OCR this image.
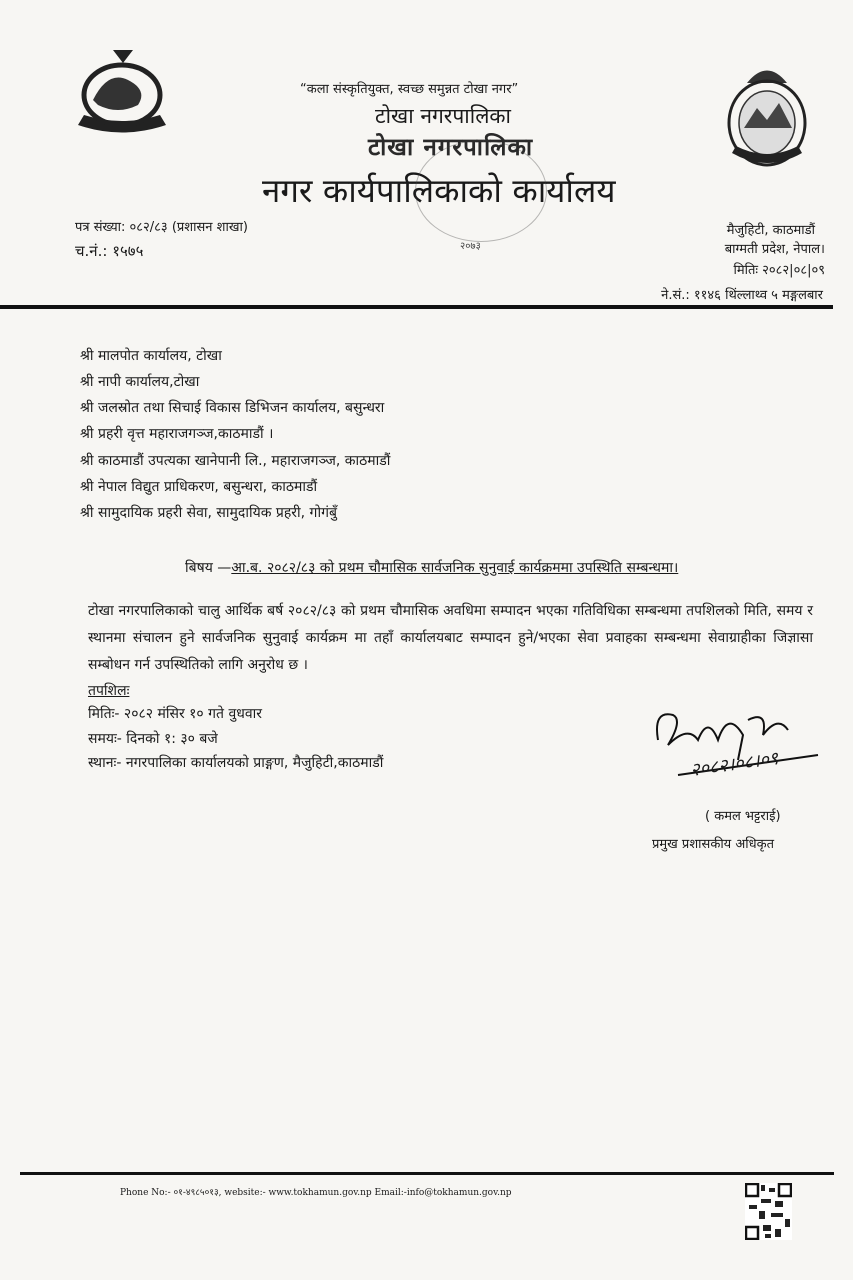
“कला संस्कृतियुक्त, स्वच्छ समुन्नत टोखा नगर”
टोखा नगरपालिका
टोखा नगरपालिका
नगर कार्यपालिकाको कार्यालय
२०७३
पत्र संख्या: ०८२/८३ (प्रशासन शाखा)
च.नं.: १५७५
मैजुहिटी, काठमाडौं
बाग्मती प्रदेश, नेपाल।
मितिः २०८२|०८|०९
ने.सं.: ११४६ थिंल्लाथ्व ५ मङ्गलबार
श्री मालपोत कार्यालय, टोखा
श्री नापी कार्यालय,टोखा
श्री जलस्रोत तथा सिचाई विकास डिभिजन कार्यालय, बसुन्धरा
श्री प्रहरी वृत्त महाराजगञ्ज,काठमाडौं ।
श्री काठमाडौं उपत्यका खानेपानी लि., महाराजगञ्ज, काठमाडौं
श्री नेपाल विद्युत प्राधिकरण, बसुन्धरा, काठमाडौं
श्री सामुदायिक प्रहरी सेवा, सामुदायिक प्रहरी, गोगंबुँ
बिषय —आ.ब. २०८२/८३ को प्रथम चौमासिक सार्वजनिक सुनुवाई कार्यक्रममा उपस्थिति सम्बन्धमा।
टोखा नगरपालिकाको चालु आर्थिक बर्ष २०८२/८३ को प्रथम चौमासिक अवधिमा सम्पादन भएका गतिविधिका सम्बन्धमा तपशिलको मिति, समय र स्थानमा संचालन हुने सार्वजनिक सुनुवाई कार्यक्रम मा तहाँ कार्यालयबाट सम्पादन हुने/भएका सेवा प्रवाहका सम्बन्धमा सेवाग्राहीका जिज्ञासा सम्बोधन गर्न उपस्थितिको लागि अनुरोध छ ।
तपशिलः
मितिः- २०८२ मंसिर १० गते वुधवार
समयः- दिनको १: ३० बजे
स्थानः- नगरपालिका कार्यालयको प्राङ्गण, मैजुहिटी,काठमाडौं	२०८२।०८।०९
( कमल भट्टराई)
प्रमुख प्रशासकीय अधिकृत
Phone No:- ०१-४९८५०१३, website:- www.tokhamun.gov.np Email:-info@tokhamun.gov.np
